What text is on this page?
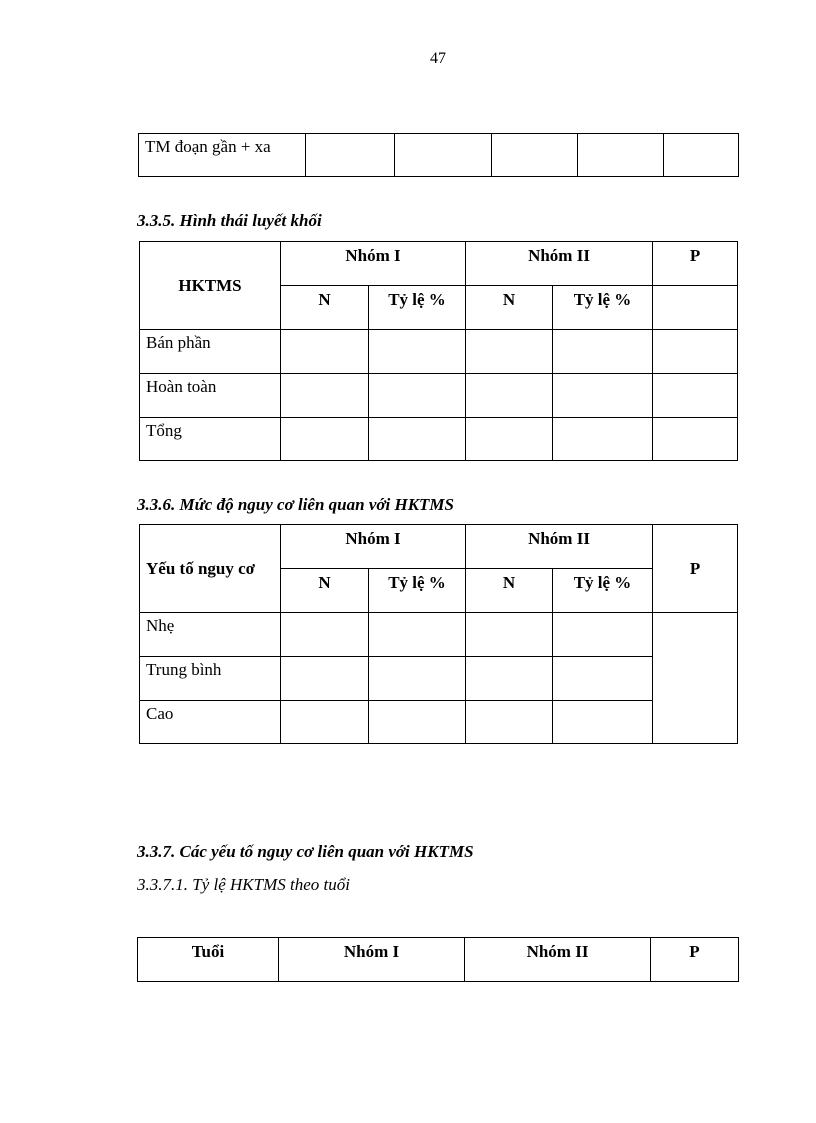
47
TM đoạn gần + xa					
3.3.5. Hình thái luyết khối
HKTMS	Nhóm I		Nhóm II		P
	N	Tỷ lệ %	N	Tỷ lệ %	
Bán phần					
Hoàn toàn					
Tổng					
3.3.6. Mức độ nguy cơ liên quan với HKTMS
Yếu tố nguy cơ	Nhóm I		Nhóm II		P
	N	Tỷ lệ %	N	Tỷ lệ %	
Nhẹ					
Trung bình					
Cao					
3.3.7. Các yếu tố nguy cơ liên quan với HKTMS
3.3.7.1. Tỷ lệ HKTMS theo tuổi
Tuổi	Nhóm I	Nhóm II	P
